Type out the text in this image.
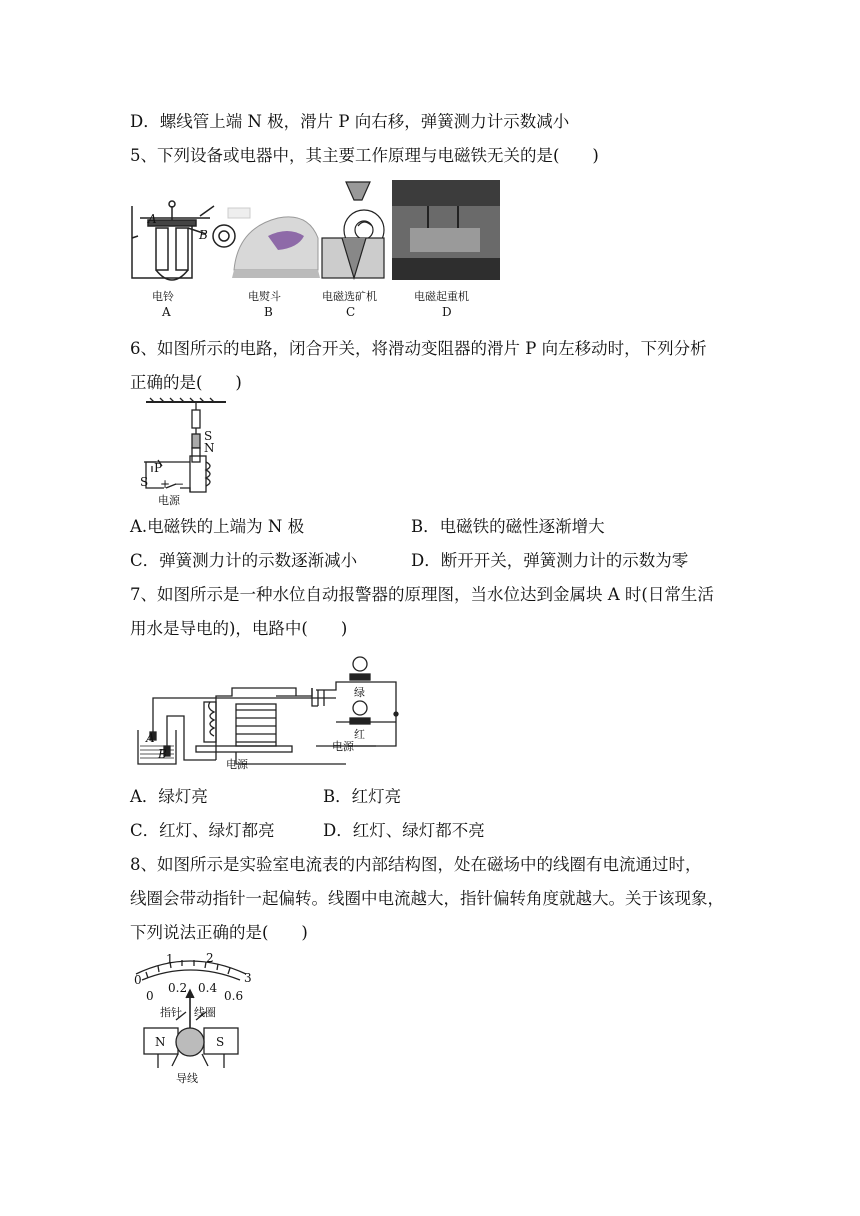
D．螺线管上端 N 极，滑片 P 向右移，弹簧测力计示数减小
5、下列设备或电器中，其主要工作原理与电磁铁无关的是(　　)
A
B
电铃
A
电熨斗
B
电磁选矿机
C
电磁起重机
D
6、如图所示的电路，闭合开关，将滑动变阻器的滑片 P 向左移动时，下列分析
正确的是(　　)
S
N
P
S + −
电源
A.电磁铁的上端为 N 极	B．电磁铁的磁性逐渐增大
C．弹簧测力计的示数逐渐减小	D．断开开关，弹簧测力计的示数为零
7、如图所示是一种水位自动报警器的原理图，当水位达到金属块 A 时(日常生活
用水是导电的)，电路中(　　)
A
B
绿
红
电源
电源
A．绿灯亮	B．红灯亮
C．红灯、绿灯都亮	D．红灯、绿灯都不亮
8、如图所示是实验室电流表的内部结构图，处在磁场中的线圈有电流通过时，
线圈会带动指针一起偏转。线圈中电流越大，指针偏转角度就越大。关于该现象，
下列说法正确的是(　　)
0
1	2
3
0
0.2 0.4
0.6
指针 线圈
N	S
导线
